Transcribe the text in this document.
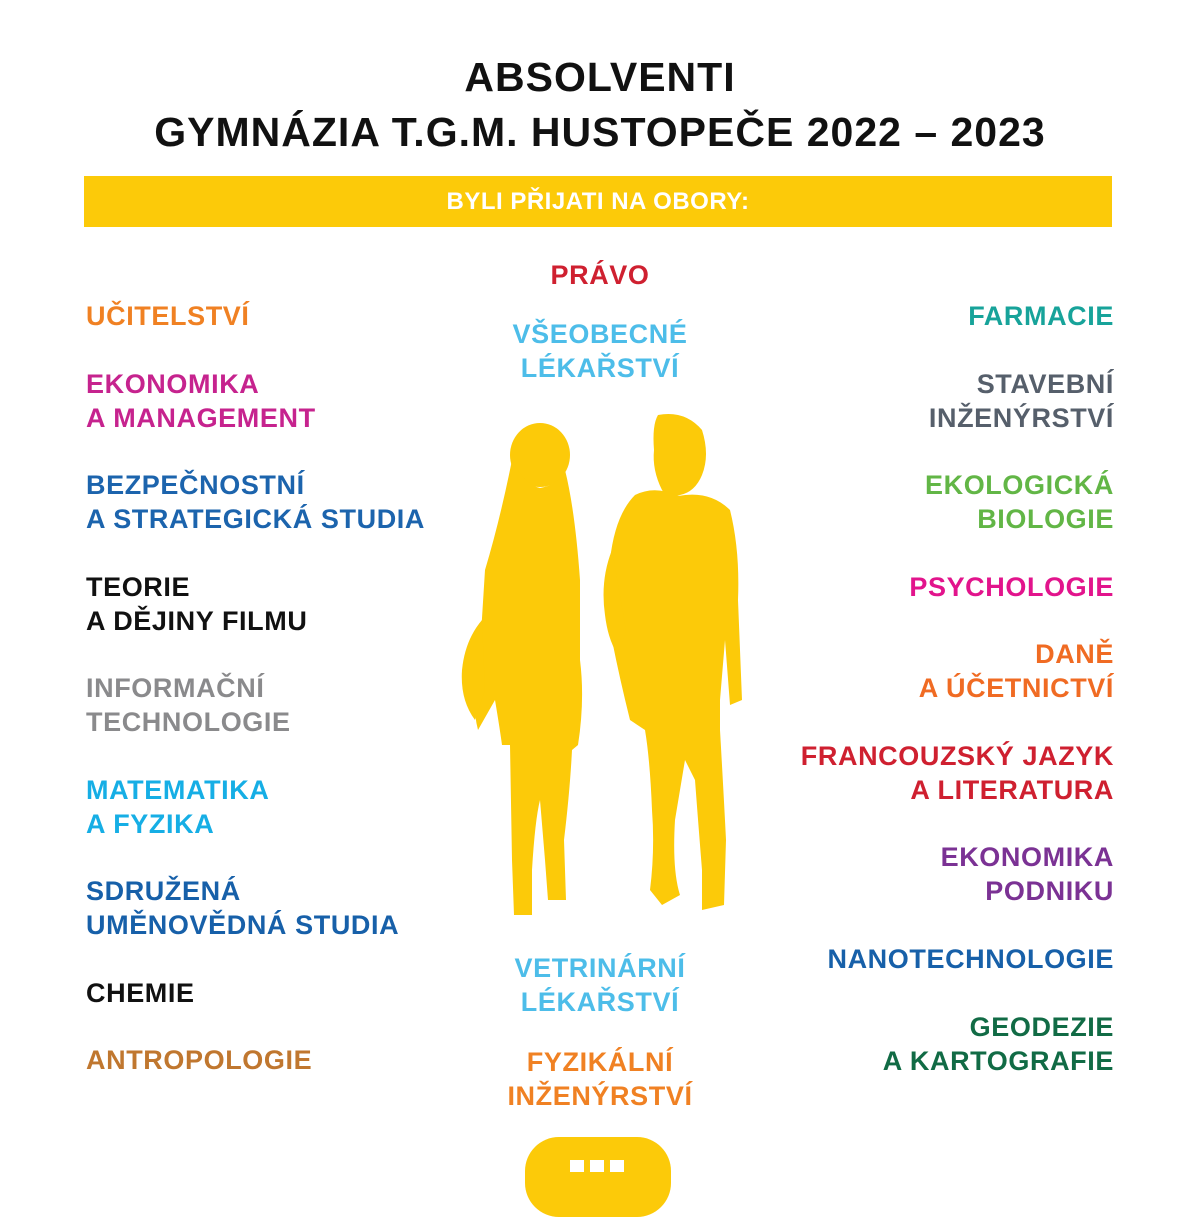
ABSOLVENTI
GYMNÁZIA T.G.M. HUSTOPEČE 2022 – 2023
BYLI PŘIJATI NA OBORY:
UČITELSTVÍ
EKONOMIKA
A MANAGEMENT
BEZPEČNOSTNÍ
A STRATEGICKÁ STUDIA
TEORIE
A DĚJINY FILMU
INFORMAČNÍ
TECHNOLOGIE
MATEMATIKA
A FYZIKA
SDRUŽENÁ
UMĚNOVĚDNÁ STUDIA
CHEMIE
ANTROPOLOGIE
PRÁVO
VŠEOBECNÉ
LÉKAŘSTVÍ
VETRINÁRNÍ
LÉKAŘSTVÍ
FYZIKÁLNÍ
INŽENÝRSTVÍ
FARMACIE
STAVEBNÍ
INŽENÝRSTVÍ
EKOLOGICKÁ
BIOLOGIE
PSYCHOLOGIE
DANĚ
A ÚČETNICTVÍ
FRANCOUZSKÝ JAZYK
A LITERATURA
EKONOMIKA
PODNIKU
NANOTECHNOLOGIE
GEODEZIE
A KARTOGRAFIE
